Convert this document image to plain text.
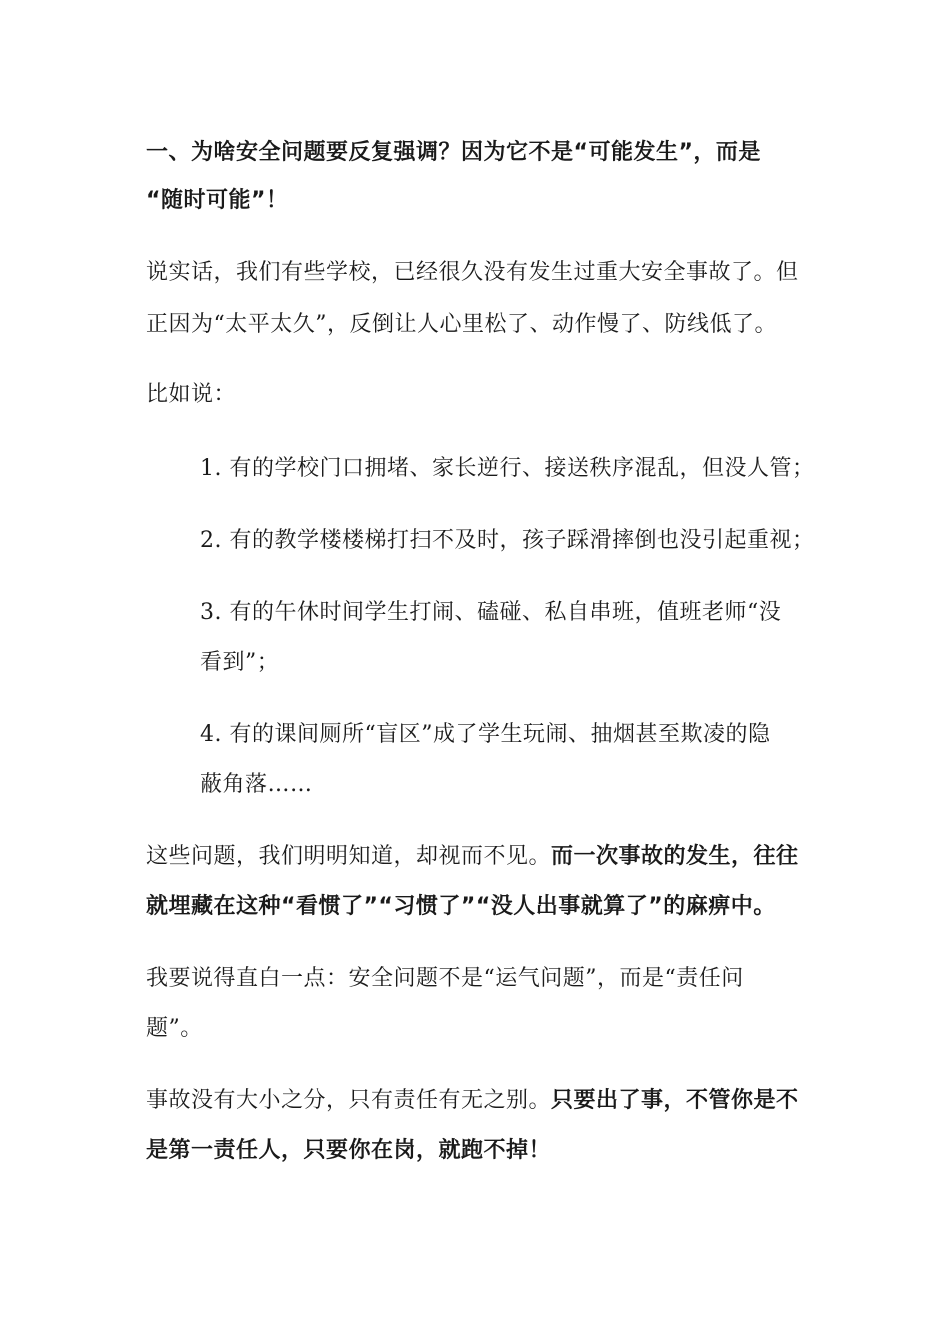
一、为啥安全问题要反复强调？因为它不是“可能发生”，而是
“随时可能”！
说实话，我们有些学校，已经很久没有发生过重大安全事故了。但
正因为“太平太久”，反倒让人心里松了、动作慢了、防线低了。
比如说：
1. 有的学校门口拥堵、家长逆行、接送秩序混乱，但没人管；
2. 有的教学楼楼梯打扫不及时，孩子踩滑摔倒也没引起重视；
3. 有的午休时间学生打闹、磕碰、私自串班，值班老师“没
看到”；
4. 有的课间厕所“盲区”成了学生玩闹、抽烟甚至欺凌的隐
蔽角落……
这些问题，我们明明知道，却视而不见。而一次事故的发生，往往
就埋藏在这种“看惯了”“习惯了”“没人出事就算了”的麻痹中。
我要说得直白一点：安全问题不是“运气问题”，而是“责任问
题”。
事故没有大小之分，只有责任有无之别。只要出了事，不管你是不
是第一责任人，只要你在岗，就跑不掉！
